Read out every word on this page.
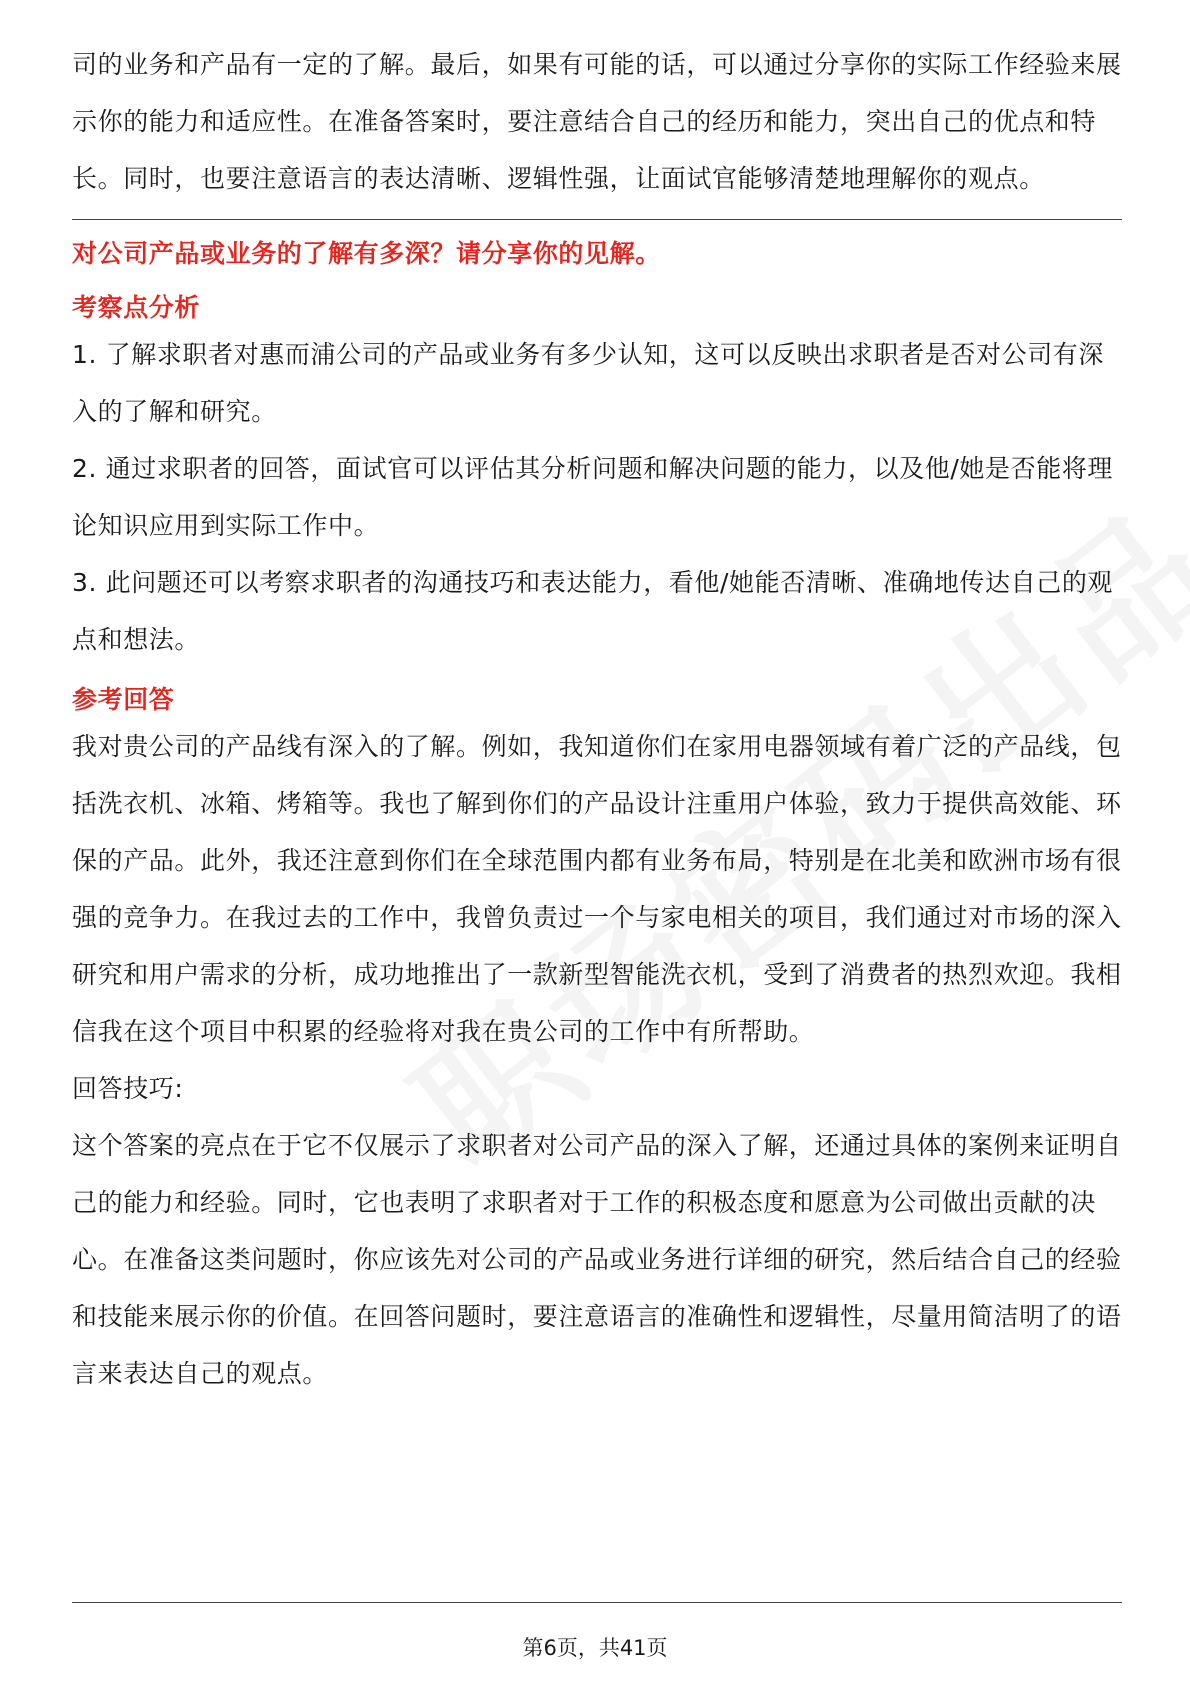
司的业务和产品有一定的了解。最后，如果有可能的话，可以通过分享你的实际工作经验来展示你的能力和适应性。在准备答案时，要注意结合自己的经历和能力，突出自己的优点和特长。同时，也要注意语言的表达清晰、逻辑性强，让面试官能够清楚地理解你的观点。

对公司产品或业务的了解有多深？请分享你的见解。

考察点分析

1. 了解求职者对惠而浦公司的产品或业务有多少认知，这可以反映出求职者是否对公司有深入的了解和研究。

2. 通过求职者的回答，面试官可以评估其分析问题和解决问题的能力，以及他/她是否能将理论知识应用到实际工作中。

3. 此问题还可以考察求职者的沟通技巧和表达能力，看他/她能否清晰、准确地传达自己的观点和想法。

参考回答

我对贵公司的产品线有深入的了解。例如，我知道你们在家用电器领域有着广泛的产品线，包括洗衣机、冰箱、烤箱等。我也了解到你们的产品设计注重用户体验，致力于提供高效能、环保的产品。此外，我还注意到你们在全球范围内都有业务布局，特别是在北美和欧洲市场有很强的竞争力。在我过去的工作中，我曾负责过一个与家电相关的项目，我们通过对市场的深入研究和用户需求的分析，成功地推出了一款新型智能洗衣机，受到了消费者的热烈欢迎。我相信我在这个项目中积累的经验将对我在贵公司的工作中有所帮助。

回答技巧:

这个答案的亮点在于它不仅展示了求职者对公司产品的深入了解，还通过具体的案例来证明自己的能力和经验。同时，它也表明了求职者对于工作的积极态度和愿意为公司做出贡献的决心。在准备这类问题时，你应该先对公司的产品或业务进行详细的研究，然后结合自己的经验和技能来展示你的价值。在回答问题时，要注意语言的准确性和逻辑性，尽量用简洁明了的语言来表达自己的观点。

第6页，共41页
